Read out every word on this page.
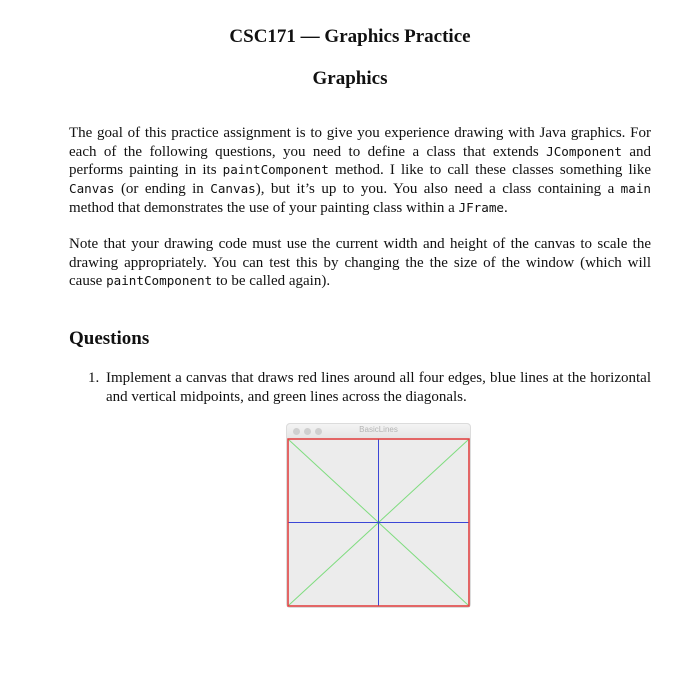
CSC171 — Graphics Practice
Graphics

The goal of this practice assignment is to give you experience drawing with Java graphics. For each of the following questions, you need to define a class that extends JComponent and performs painting in its paintComponent method. I like to call these classes something like Canvas (or ending in Canvas), but it’s up to you. You also need a class containing a main method that demonstrates the use of your painting class within a JFrame.

Note that your drawing code must use the current width and height of the canvas to scale the drawing appropriately. You can test this by changing the the size of the window (which will cause paintComponent to be called again).

Questions
1. Implement a canvas that draws red lines around all four edges, blue lines at the horizontal and vertical midpoints, and green lines across the diagonals.
BasicLines
